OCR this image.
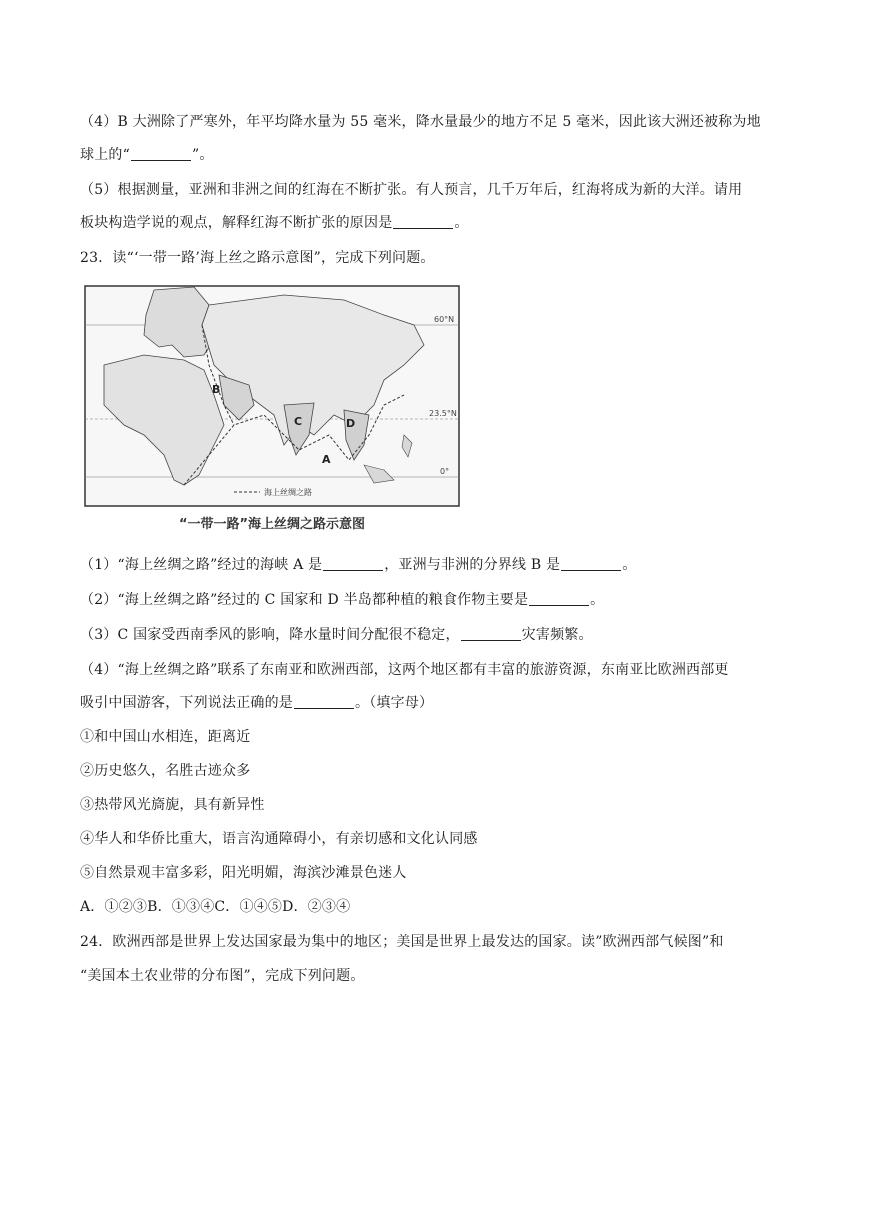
（4）B 大洲除了严寒外，年平均降水量为 55 毫米，降水量最少的地方不足 5 毫米，因此该大洲还被称为地
球上的“	”。
（5）根据测量，亚洲和非洲之间的红海在不断扩张。有人预言，几千万年后，红海将成为新的大洋。请用
板块构造学说的观点，解释红海不断扩张的原因是	。
23．读“‘一带一路’海上丝之路示意图”，完成下列问题。
60°N
23.5°N
0°
A
B
C	D
海上丝绸之路
“一带一路”海上丝绸之路示意图
（1）“海上丝绸之路”经过的海峡 A 是	，亚洲与非洲的分界线 B 是	。
（2）“海上丝绸之路”经过的 C 国家和 D 半岛都种植的粮食作物主要是	。
（3）C 国家受西南季风的影响，降水量时间分配很不稳定，	灾害频繁。
（4）“海上丝绸之路”联系了东南亚和欧洲西部，这两个地区都有丰富的旅游资源，东南亚比欧洲西部更
吸引中国游客，下列说法正确的是	。（填字母）
①和中国山水相连，距离近
②历史悠久，名胜古迹众多
③热带风光旖旎，具有新异性
④华人和华侨比重大，语言沟通障碍小，有亲切感和文化认同感
⑤自然景观丰富多彩，阳光明媚，海滨沙滩景色迷人
A．①②③B．①③④C．①④⑤D．②③④
24．欧洲西部是世界上发达国家最为集中的地区；美国是世界上最发达的国家。读”欧洲西部气候图”和
“美国本土农业带的分布图”，完成下列问题。
